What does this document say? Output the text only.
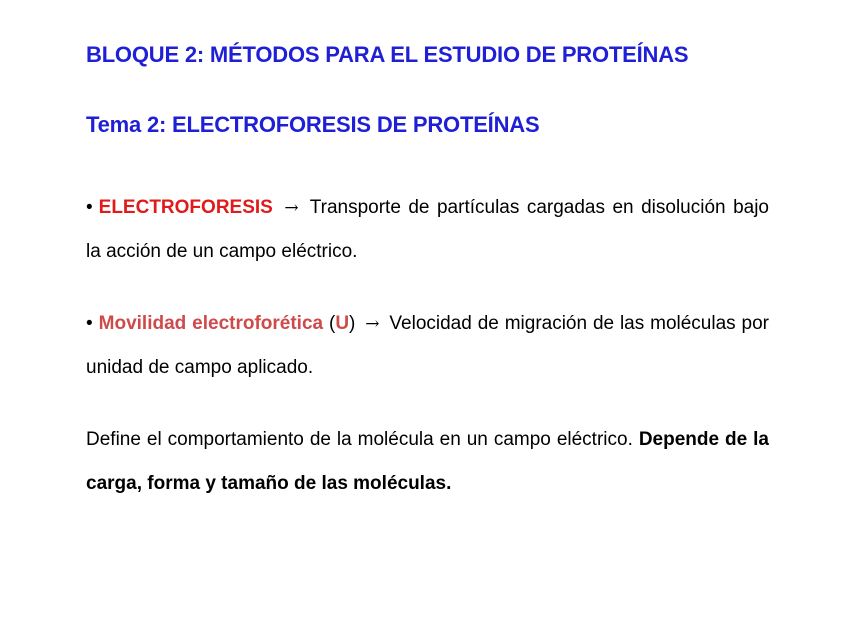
BLOQUE 2: MÉTODOS PARA EL ESTUDIO DE PROTEÍNAS
Tema 2: ELECTROFORESIS DE PROTEÍNAS
• ELECTROFORESIS → Transporte de partículas cargadas en disolución bajo la acción de un campo eléctrico.
• Movilidad electroforética (U) → Velocidad de migración de las moléculas por unidad de campo aplicado.
Define el comportamiento de la molécula en un campo eléctrico. Depende de la carga, forma y tamaño de las moléculas.
